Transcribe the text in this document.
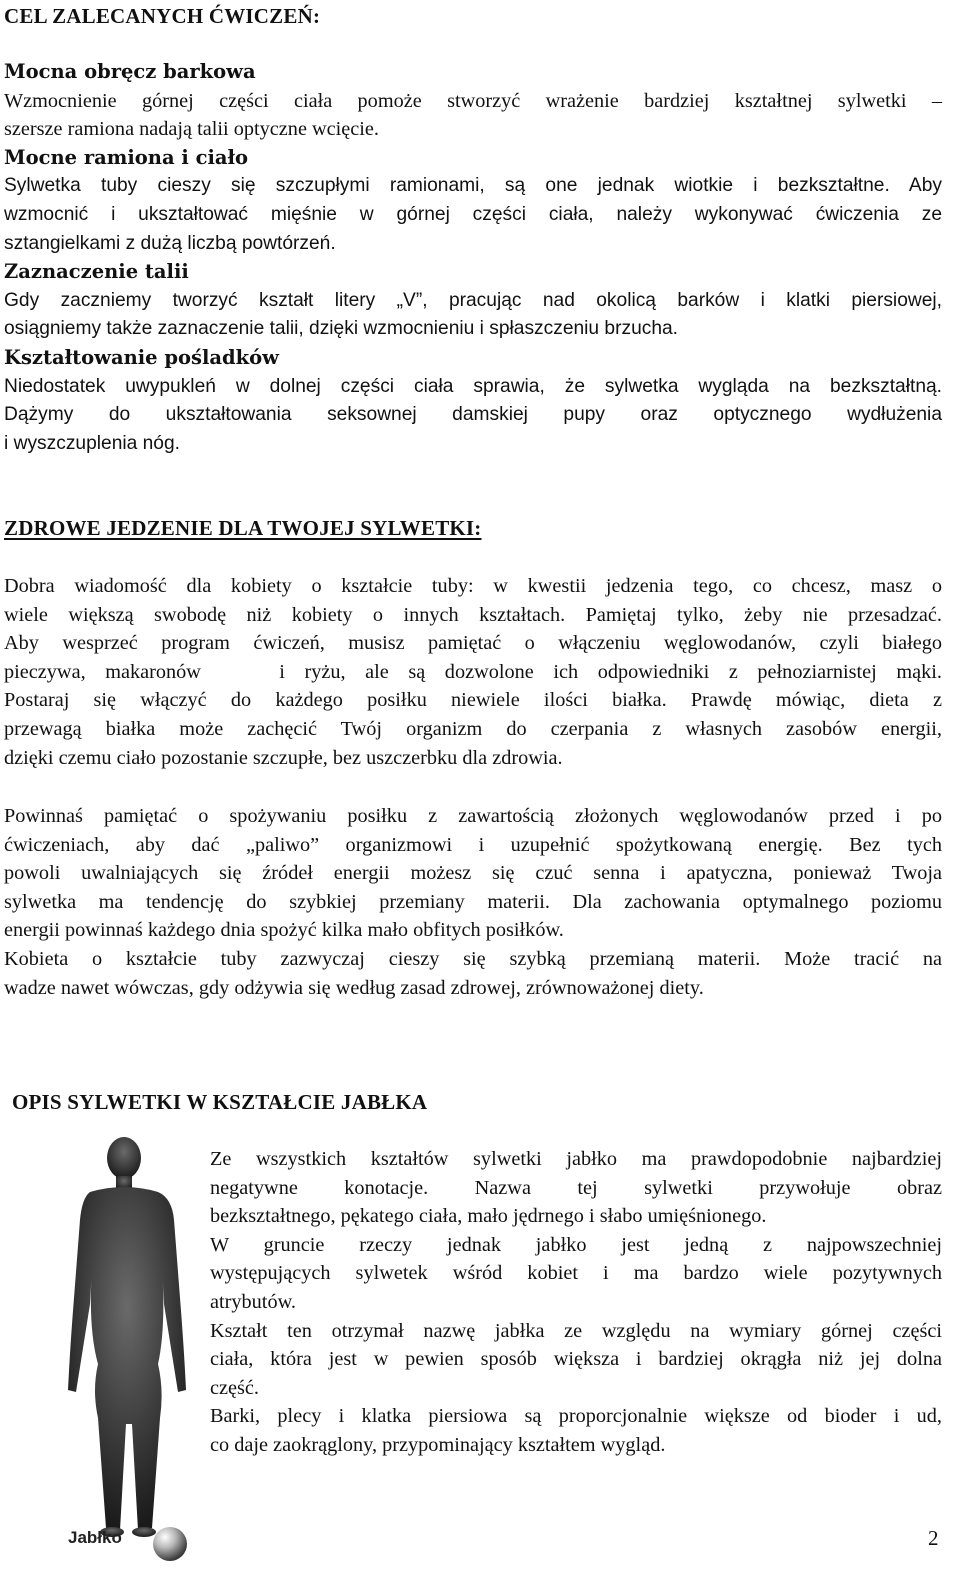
CEL ZALECANYCH ĆWICZEŃ:
Mocna obręcz barkowa

Wzmocnienie górnej części ciała pomoże stworzyć wrażenie bardziej kształtnej sylwetki –

szersze ramiona nadają talii optyczne wcięcie.

Mocne ramiona i ciało

Sylwetka tuby cieszy się szczupłymi ramionami, są one jednak wiotkie i bezkształtne. Aby

wzmocnić i ukształtować mięśnie w górnej części ciała, należy wykonywać ćwiczenia ze

sztangielkami z dużą liczbą powtórzeń.

Zaznaczenie talii

Gdy zaczniemy tworzyć kształt litery „V”, pracując nad okolicą barków i klatki piersiowej,

osiągniemy także zaznaczenie talii, dzięki wzmocnieniu i spłaszczeniu brzucha.

Kształtowanie pośladków

Niedostatek uwypukleń w dolnej części ciała sprawia, że sylwetka wygląda na bezkształtną.

Dążymy do ukształtowania seksownej damskiej pupy oraz optycznego wydłużenia

i wyszczuplenia nóg.

ZDROWE JEDZENIE DLA TWOJEJ SYLWETKI:

Dobra wiadomość dla kobiety o kształcie tuby: w kwestii jedzenia tego, co chcesz, masz o

wiele większą swobodę niż kobiety o innych kształtach. Pamiętaj tylko, żeby nie przesadzać.

Aby wesprzeć program ćwiczeń, musisz pamiętać o włączeniu węglowodanów, czyli białego

pieczywa, makaronów    i ryżu, ale są dozwolone ich odpowiedniki z pełnoziarnistej mąki.

Postaraj się włączyć do każdego posiłku niewiele ilości białka. Prawdę mówiąc, dieta z

przewagą białka może zachęcić Twój organizm do czerpania z własnych zasobów energii,

dzięki czemu ciało pozostanie szczupłe, bez uszczerbku dla zdrowia.

Powinnaś pamiętać o spożywaniu posiłku z zawartością złożonych węglowodanów przed i po

ćwiczeniach, aby dać „paliwo” organizmowi i uzupełnić spożytkowaną energię. Bez tych

powoli uwalniających się źródeł energii możesz się czuć senna i apatyczna, ponieważ Twoja

sylwetka ma tendencję do szybkiej przemiany materii. Dla zachowania optymalnego poziomu

energii powinnaś każdego dnia spożyć kilka mało obfitych posiłków.

Kobieta o kształcie tuby zazwyczaj cieszy się szybką przemianą materii. Może tracić na

wadze nawet wówczas, gdy odżywia się według zasad zdrowej, zrównoważonej diety.

OPIS SYLWETKI W KSZTAŁCIE JABŁKA
Jabłko

Ze wszystkich kształtów sylwetki jabłko ma prawdopodobnie najbardziej

negatywne konotacje. Nazwa tej sylwetki przywołuje obraz

bezkształtnego, pękatego ciała, mało jędrnego i słabo umięśnionego.

W gruncie rzeczy jednak jabłko jest jedną z najpowszechniej

występujących sylwetek wśród kobiet i ma bardzo wiele pozytywnych

atrybutów.

Kształt ten otrzymał nazwę jabłka ze względu na wymiary górnej części

ciała, która jest w pewien sposób większa i bardziej okrągła niż jej dolna

część.

Barki, plecy i klatka piersiowa są proporcjonalnie większe od bioder i ud,

co daje zaokrąglony, przypominający kształtem wygląd.

2
